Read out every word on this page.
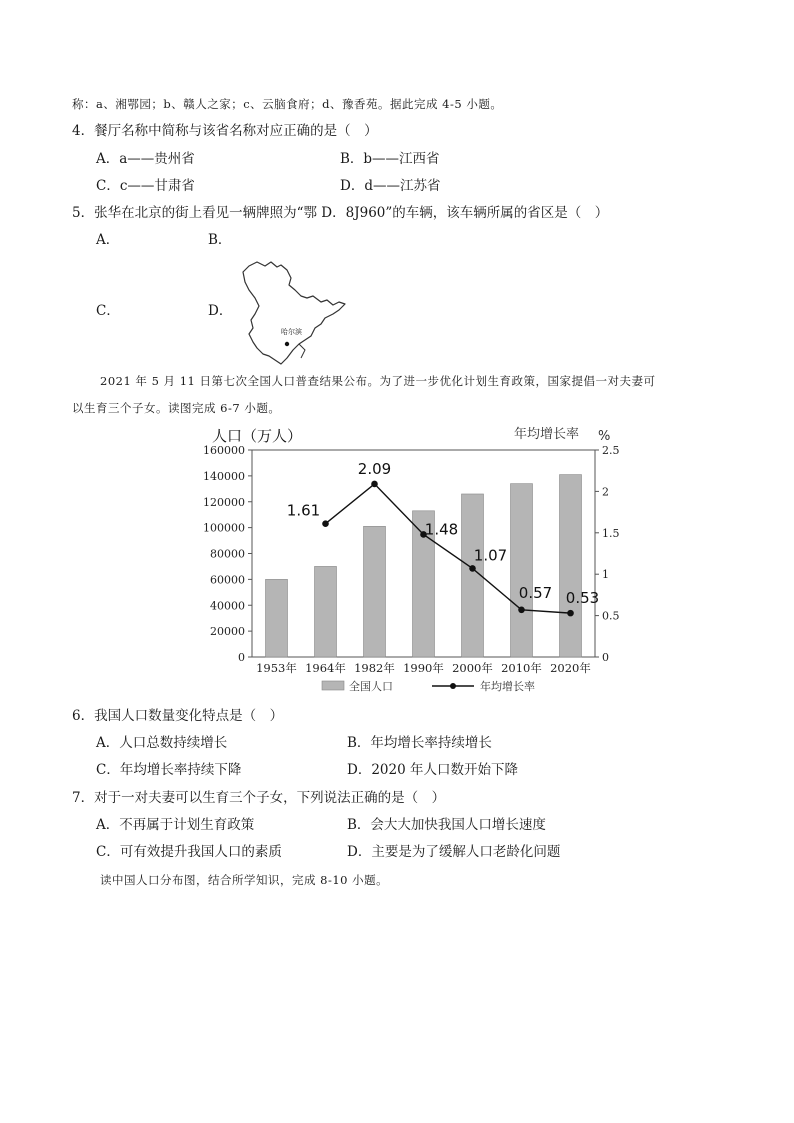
称：a、湘鄂园；b、赣人之家；c、云脑食府；d、豫香苑。据此完成 4-5 小题。
4．餐厅名称中简称与该省名称对应正确的是（　）
A．a——贵州省	B．b——江西省
C．c——甘肃省	D．d——江苏省
5．张华在北京的街上看见一辆牌照为“鄂 D．8J960”的车辆，该车辆所属的省区是（　）
A．	B．
C．	D．
哈尔滨
2021 年 5 月 11 日第七次全国人口普查结果公布。为了进一步优化计划生育政策，国家提倡一对夫妻可
以生育三个子女。读图完成 6-7 小题。
人口（万人）	年均增长率 %
1.61
2.09
1.48
1.07
0.57 0.53
160000
140000
120000
100000
80000
60000
40000
20000
0
2.5
2
1.5
1
0.5
0
1953年 1964年 1982年 1990年 2000年 2010年 2020年
全国人口	年均增长率
6．我国人口数量变化特点是（　）
A．人口总数持续增长	B．年均增长率持续增长
C．年均增长率持续下降	D．2020 年人口数开始下降
7．对于一对夫妻可以生育三个子女，下列说法正确的是（　）
A．不再属于计划生育政策	B．会大大加快我国人口增长速度
C．可有效提升我国人口的素质	D．主要是为了缓解人口老龄化问题
读中国人口分布图，结合所学知识，完成 8-10 小题。
